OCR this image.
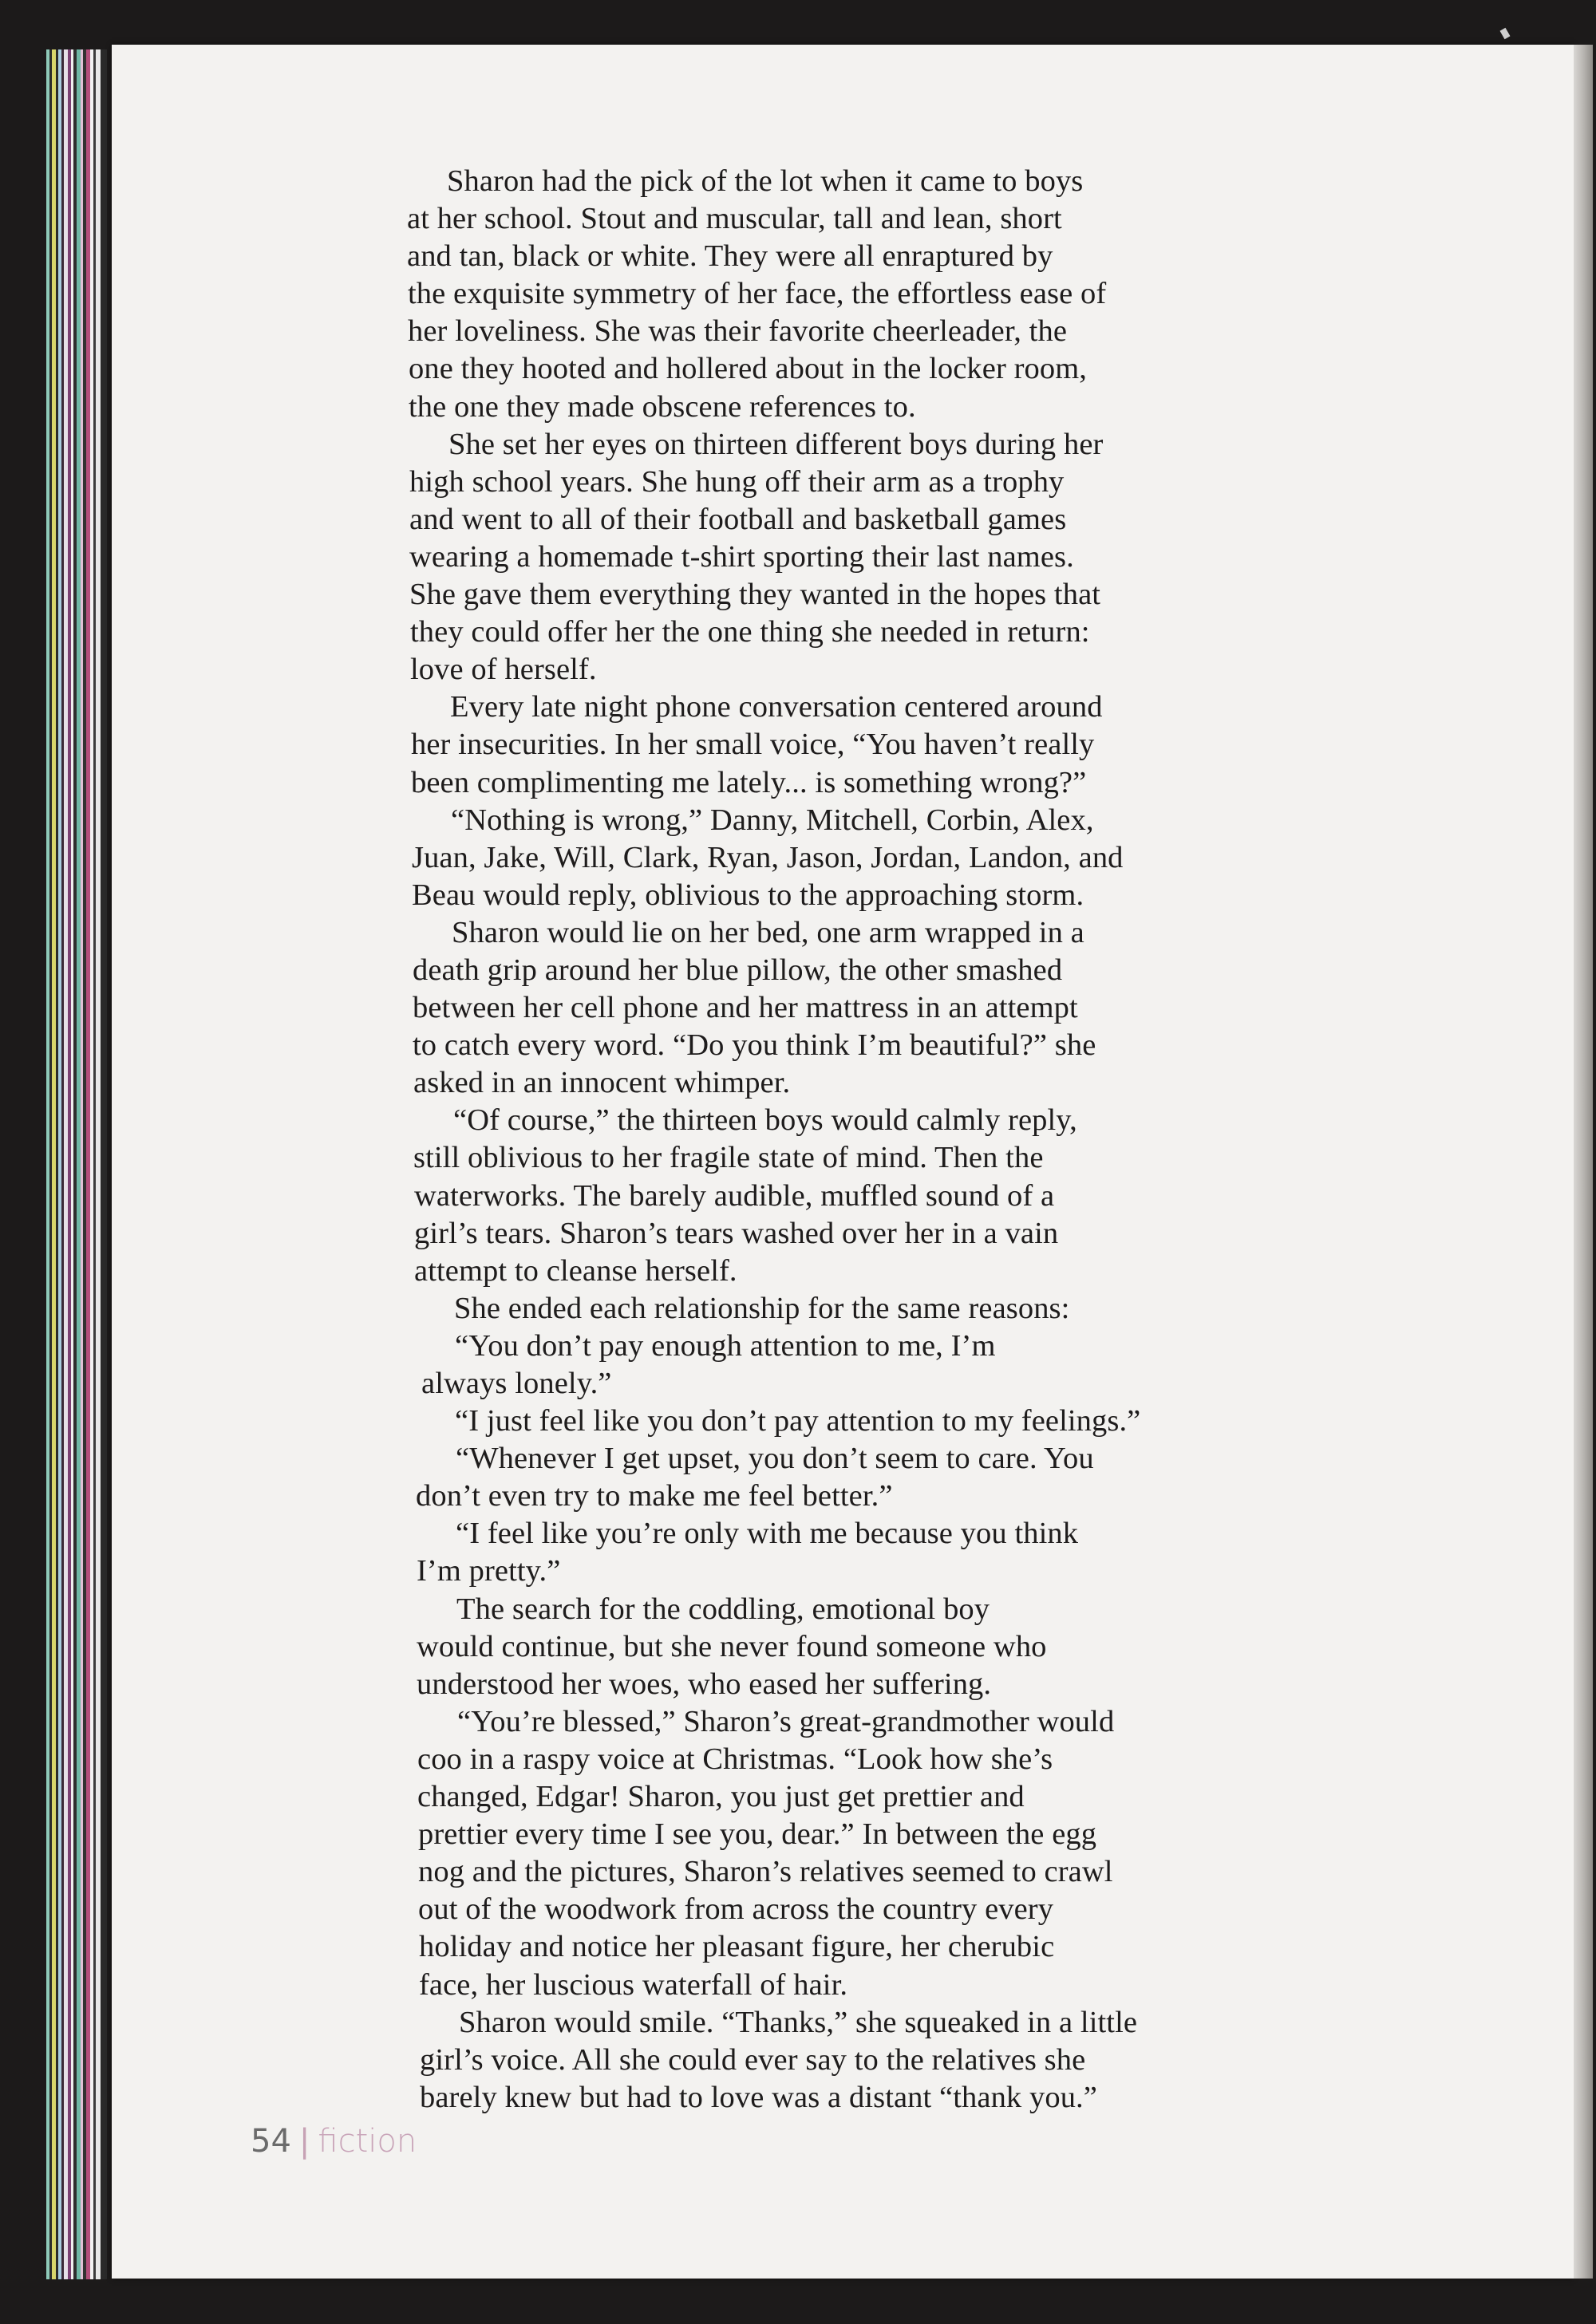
Sharon had the pick of the lot when it came to boys
at her school. Stout and muscular, tall and lean, short
and tan, black or white. They were all enraptured by
the exquisite symmetry of her face, the effortless ease of
her loveliness. She was their favorite cheerleader, the
one they hooted and hollered about in the locker room,
the one they made obscene references to.
She set her eyes on thirteen different boys during her
high school years. She hung off their arm as a trophy
and went to all of their football and basketball games
wearing a homemade t-shirt sporting their last names.
She gave them everything they wanted in the hopes that
they could offer her the one thing she needed in return:
love of herself.
Every late night phone conversation centered around
her insecurities. In her small voice, “You haven’t really
been complimenting me lately... is something wrong?”
“Nothing is wrong,” Danny, Mitchell, Corbin, Alex,
Juan, Jake, Will, Clark, Ryan, Jason, Jordan, Landon, and
Beau would reply, oblivious to the approaching storm.
Sharon would lie on her bed, one arm wrapped in a
death grip around her blue pillow, the other smashed
between her cell phone and her mattress in an attempt
to catch every word. “Do you think I’m beautiful?” she
asked in an innocent whimper.
“Of course,” the thirteen boys would calmly reply,
still oblivious to her fragile state of mind. Then the
waterworks. The barely audible, muffled sound of a
girl’s tears. Sharon’s tears washed over her in a vain
attempt to cleanse herself.
She ended each relationship for the same reasons:
“You don’t pay enough attention to me, I’m
always lonely.”
“I just feel like you don’t pay attention to my feelings.”
“Whenever I get upset, you don’t seem to care. You
don’t even try to make me feel better.”
“I feel like you’re only with me because you think
I’m pretty.”
The search for the coddling, emotional boy
would continue, but she never found someone who
understood her woes, who eased her suffering.
“You’re blessed,” Sharon’s great-grandmother would
coo in a raspy voice at Christmas. “Look how she’s
changed, Edgar! Sharon, you just get prettier and
prettier every time I see you, dear.” In between the egg
nog and the pictures, Sharon’s relatives seemed to crawl
out of the woodwork from across the country every
holiday and notice her pleasant figure, her cherubic
face, her luscious waterfall of hair.
Sharon would smile. “Thanks,” she squeaked in a little
girl’s voice. All she could ever say to the relatives she
barely knew but had to love was a distant “thank you.”
54 | fiction
